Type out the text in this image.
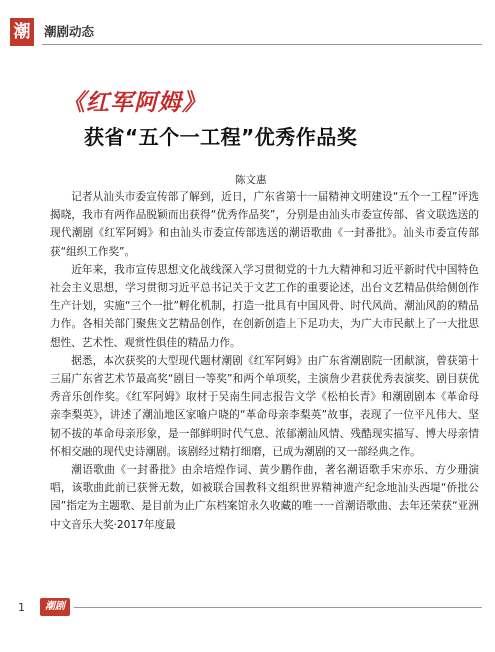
潮 潮剧动态
《红军阿姆》
获省“五个一工程”优秀作品奖
陈文惠

记者从汕头市委宣传部了解到，近日，广东省第十一届精神文明建设“五个一工程”评选揭晓，我市有两作品脱颖而出获得“优秀作品奖”，分别是由汕头市委宣传部、省文联选送的现代潮剧《红军阿姆》和由汕头市委宣传部选送的潮语歌曲《一封番批》。汕头市委宣传部获“组织工作奖”。

近年来，我市宣传思想文化战线深入学习贯彻党的十九大精神和习近平新时代中国特色社会主义思想，学习贯彻习近平总书记关于文艺工作的重要论述，出台文艺精品供给侧创作生产计划，实施“三个一批”孵化机制，打造一批具有中国风骨、时代风尚、潮汕风韵的精品力作。各相关部门聚焦文艺精品创作，在创新创造上下足功夫，为广大市民献上了一大批思想性、艺术性、观赏性俱佳的精品力作。

据悉，本次获奖的大型现代题材潮剧《红军阿姆》由广东省潮剧院一团献演，曾获第十三届广东省艺术节最高奖“剧目一等奖”和两个单项奖，主演詹少君获优秀表演奖、剧目获优秀音乐创作奖。《红军阿姆》取材于吴南生同志报告文学《松柏长青》和潮剧剧本《革命母亲李梨英》，讲述了潮汕地区家喻户晓的“革命母亲李梨英”故事，表现了一位平凡伟大、坚韧不拔的革命母亲形象，是一部鲜明时代气息、浓郁潮汕风情、残酷现实描写、博大母亲情怀相交融的现代史诗潮剧。该剧经过精打细磨，已成为潮剧的又一部经典之作。

潮语歌曲《一封番批》由余培煌作词、黄少鹏作曲，著名潮语歌手宋亦乐、方少珊演唱，该歌曲此前已获誉无数，如被联合国教科文组织世界精神遗产纪念地汕头西堤“侨批公园”指定为主题歌、是目前为止广东档案馆永久收藏的唯一一首潮语歌曲、去年还荣获“亚洲中文音乐大奖·2017年度最

1	潮剧
